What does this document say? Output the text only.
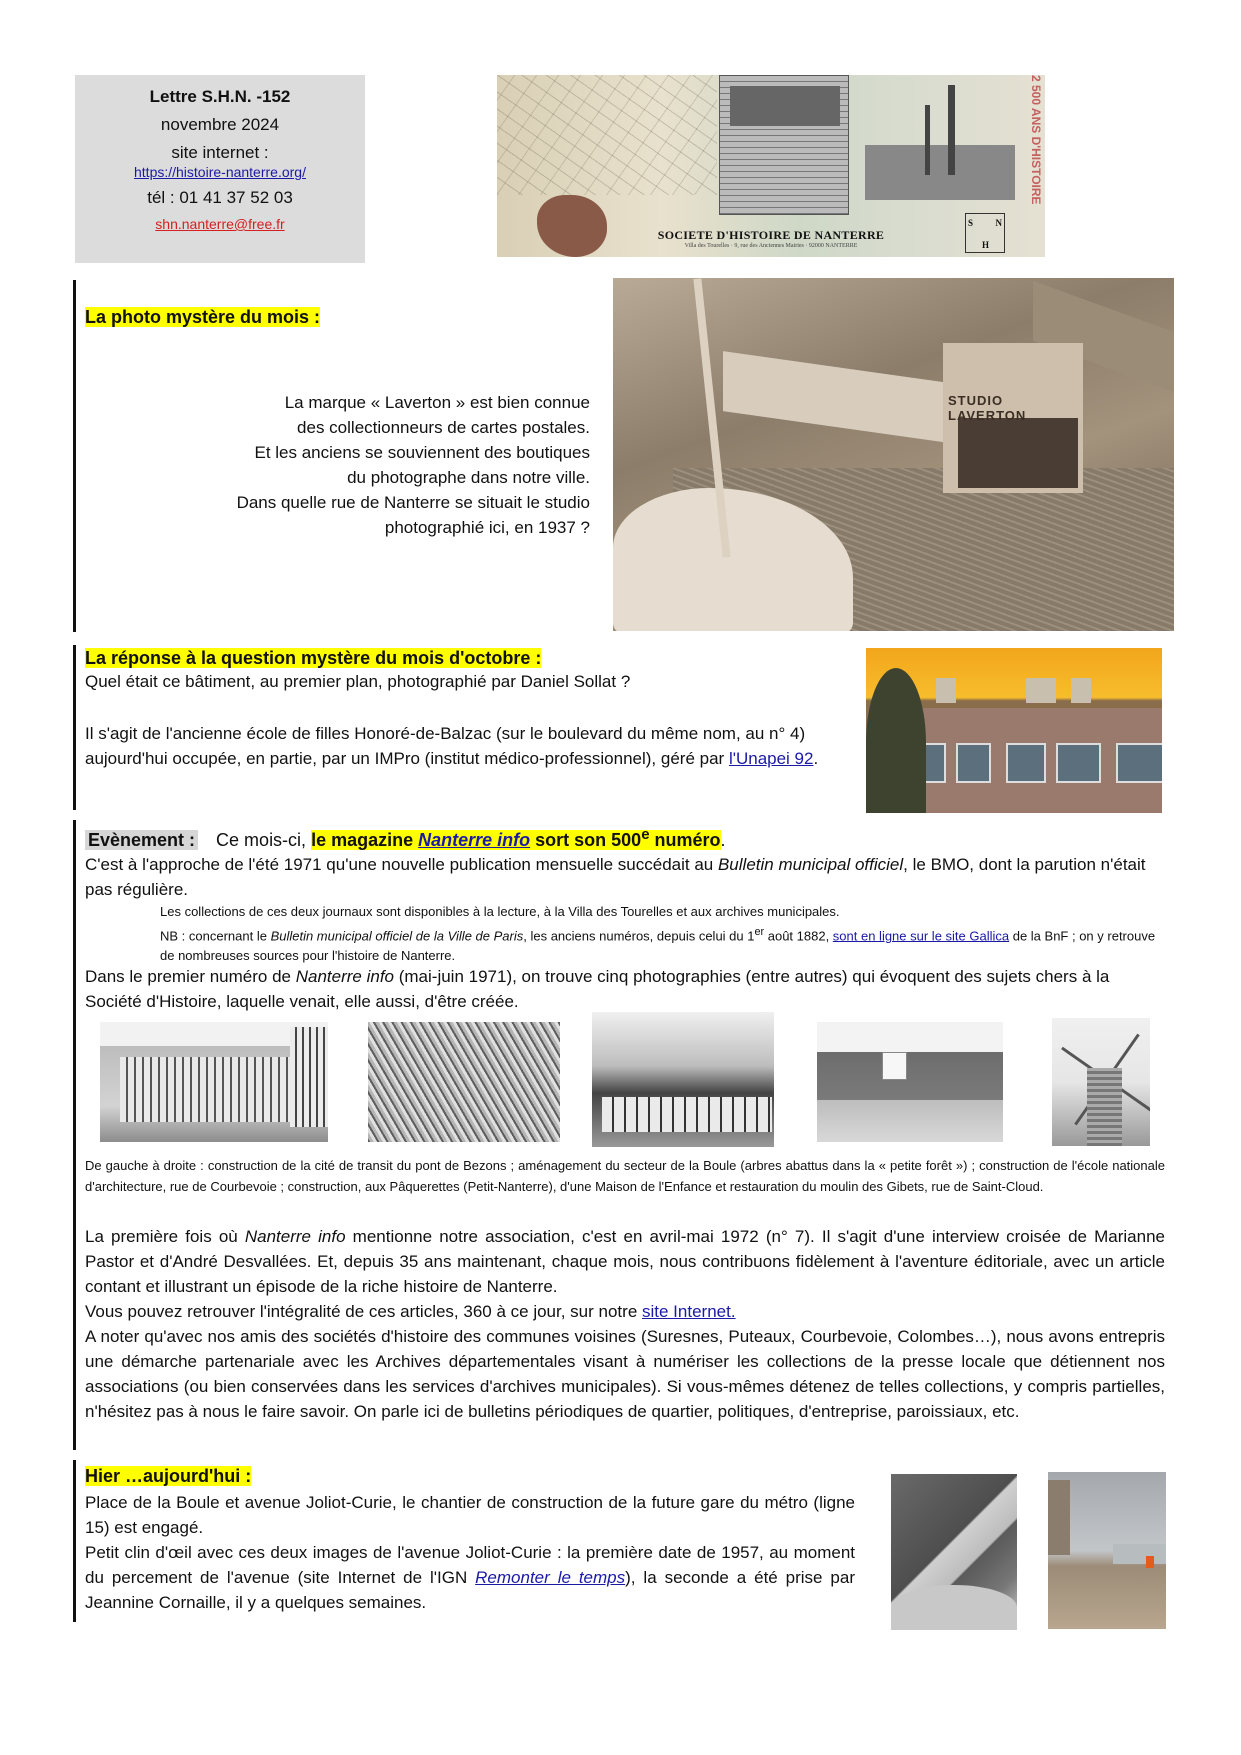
Lettre S.H.N. -152
novembre 2024
site internet :
https://histoire-nanterre.org/
tél : 01 41 37 52 03
shn.nanterre@free.fr
SOCIETE D'HISTOIRE DE NANTERRE
Villa des Tourelles · 9, rue des Anciennes Mairies · 92000 NANTERRE
2 500 ANS D'HISTOIRE
S N
H
La photo mystère du mois :
La marque « Laverton » est bien connue
des collectionneurs de cartes postales.
Et les anciens se souviennent des boutiques
du photographe dans notre ville.
Dans quelle rue de Nanterre se situait le studio
photographié ici, en 1937 ?
STUDIO LAVERTON
La réponse à la question mystère du mois d'octobre :
Quel était ce bâtiment, au premier plan, photographié par Daniel Sollat ?
Il s'agit de l'ancienne école de filles Honoré-de-Balzac (sur le boulevard du même nom, au n° 4) aujourd'hui occupée, en partie, par un IMPro (institut médico-professionnel), géré par l'Unapei 92.
Evènement : Ce mois-ci, le magazine Nanterre info sort son 500e numéro.
C'est à l'approche de l'été 1971 qu'une nouvelle publication mensuelle succédait au Bulletin municipal officiel, le BMO, dont la parution n'était pas régulière.
Les collections de ces deux journaux sont disponibles à la lecture, à la Villa des Tourelles et aux archives municipales.
NB : concernant le Bulletin municipal officiel de la Ville de Paris, les anciens numéros, depuis celui du 1er août 1882, sont en ligne sur le site Gallica de la BnF ; on y retrouve de nombreuses sources pour l'histoire de Nanterre.
Dans le premier numéro de Nanterre info (mai-juin 1971), on trouve cinq photographies (entre autres) qui évoquent des sujets chers à la Société d'Histoire, laquelle venait, elle aussi, d'être créée.
De gauche à droite : construction de la cité de transit du pont de Bezons ; aménagement du secteur de la Boule (arbres abattus dans la « petite forêt ») ; construction de l'école nationale d'architecture, rue de Courbevoie ; construction, aux Pâquerettes (Petit-Nanterre), d'une Maison de l'Enfance et restauration du moulin des Gibets, rue de Saint-Cloud.
La première fois où Nanterre info mentionne notre association, c'est en avril-mai 1972 (n° 7). Il s'agit d'une interview croisée de Marianne Pastor et d'André Desvallées. Et, depuis 35 ans maintenant, chaque mois, nous contribuons fidèlement à l'aventure éditoriale, avec un article contant et illustrant un épisode de la riche histoire de Nanterre.
Vous pouvez retrouver l'intégralité de ces articles, 360 à ce jour, sur notre site Internet.
A noter qu'avec nos amis des sociétés d'histoire des communes voisines (Suresnes, Puteaux, Courbevoie, Colombes…), nous avons entrepris une démarche partenariale avec les Archives départementales visant à numériser les collections de la presse locale que détiennent nos associations (ou bien conservées dans les services d'archives municipales). Si vous-mêmes détenez de telles collections, y compris partielles, n'hésitez pas à nous le faire savoir. On parle ici de bulletins périodiques de quartier, politiques, d'entreprise, paroissiaux, etc.
Hier …aujourd'hui :
Place de la Boule et avenue Joliot-Curie, le chantier de construction de la future gare du métro (ligne 15) est engagé.
Petit clin d'œil avec ces deux images de l'avenue Joliot-Curie : la première date de 1957, au moment du percement de l'avenue (site Internet de l'IGN Remonter le temps), la seconde a été prise par Jeannine Cornaille, il y a quelques semaines.
